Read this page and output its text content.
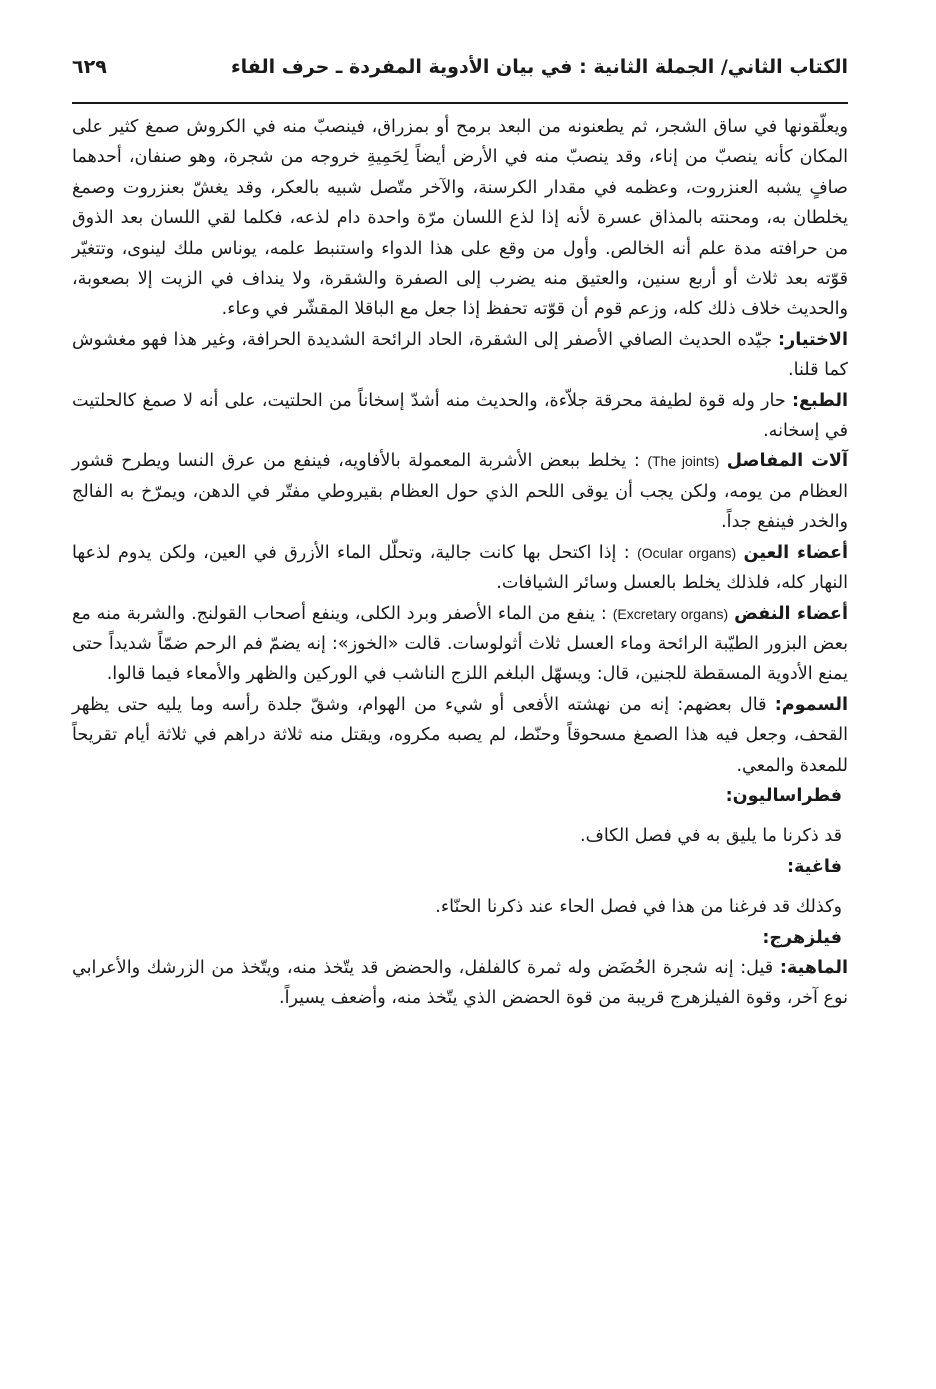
الكتاب الثاني/ الجملة الثانية : في بيان الأدوية المفردة ـ حرف الفاء
٦٢٩

ويعلّقونها في ساق الشجر، ثم يطعنونه من البعد برمح أو بمزراق، فينصبّ منه في الكروش صمغ كثير على المكان كأنه ينصبّ من إناء، وقد ينصبّ منه في الأرض أيضاً لِحَمِيةِ خروجه من شجرة، وهو صنفان، أحدهما صافٍ يشبه العنزروت، وعظمه في مقدار الكرسنة، والآخر متّصل شبيه بالعكر، وقد يغشّ بعنزروت وصمغ يخلطان به، ومحنته بالمذاق عسرة لأنه إذا لذع اللسان مرّة واحدة دام لذعه، فكلما لقي اللسان بعد الذوق من حرافته مدة علم أنه الخالص. وأول من وقع على هذا الدواء واستنبط علمه، يوناس ملك لينوى، وتتغيّر قوّته بعد ثلاث أو أربع سنين، والعتيق منه يضرب إلى الصفرة والشقرة، ولا ينداف في الزيت إلا بصعوبة، والحديث خلاف ذلك كله، وزعم قوم أن قوّته تحفظ إذا جعل مع الباقلا المقشّر في وعاء.

الاختيار: جيّده الحديث الصافي الأصفر إلى الشقرة، الحاد الرائحة الشديدة الحرافة، وغير هذا فهو مغشوش كما قلنا.

الطبع: حار وله قوة لطيفة محرقة جلاّءة، والحديث منه أشدّ إسخاناً من الحلتيت، على أنه لا صمغ كالحلتيت في إسخانه.

آلات المفاصل (The joints) : يخلط ببعض الأشربة المعمولة بالأفاويه، فينفع من عرق النسا ويطرح قشور العظام من يومه، ولكن يجب أن يوقى اللحم الذي حول العظام بقيروطي مفتّر في الدهن، ويمرّخ به الفالج والخدر فينفع جداً.

أعضاء العين (Ocular organs) : إذا اكتحل بها كانت جالية، وتحلّل الماء الأزرق في العين، ولكن يدوم لذعها النهار كله، فلذلك يخلط بالعسل وسائر الشيافات.

أعضاء النفض (Excretary organs) : ينفع من الماء الأصفر وبرد الكلى، وينفع أصحاب القولنج. والشربة منه مع بعض البزور الطيّبة الرائحة وماء العسل ثلاث أثولوسات. قالت «الخوز»: إنه يضمّ فم الرحم ضمّاً شديداً حتى يمنع الأدوية المسقطة للجنين، قال: ويسهّل البلغم اللزج الناشب في الوركين والظهر والأمعاء فيما قالوا.

السموم: قال بعضهم: إنه من نهشته الأفعى أو شيء من الهوام، وشقّ جلدة رأسه وما يليه حتى يظهر القحف، وجعل فيه هذا الصمغ مسحوقاً وحنّط، لم يصبه مكروه، ويقتل منه ثلاثة دراهم في ثلاثة أيام تقريحاً للمعدة والمعي.

فطراساليون:

قد ذكرنا ما يليق به في فصل الكاف.

فاغية:

وكذلك قد فرغنا من هذا في فصل الحاء عند ذكرنا الحنّاء.

فيلزهرج:

الماهية: قيل: إنه شجرة الحُضَض وله ثمرة كالفلفل، والحضض قد يتّخذ منه، ويتّخذ من الزرشك والأعرابي نوع آخر، وقوة الفيلزهرج قريبة من قوة الحضض الذي يتّخذ منه، وأضعف يسيراً.
